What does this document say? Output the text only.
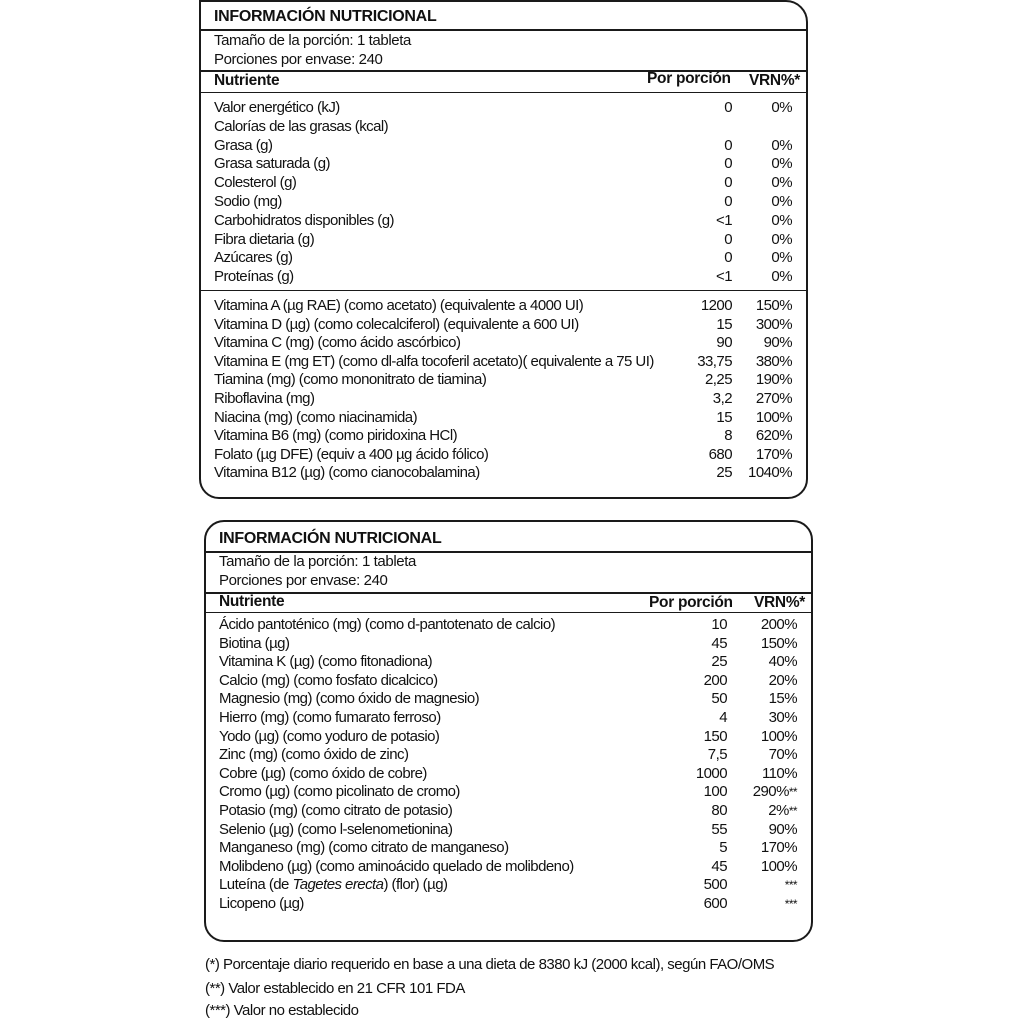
INFORMACIÓN NUTRICIONAL
Tamaño de la porción: 1 tableta
Porciones por envase: 240
Nutriente	Por porción VRN%*
Valor energético (kJ)	0	0%
Calorías de las grasas (kcal)
Grasa (g)	0	0%
Grasa saturada (g)	0	0%
Colesterol (g)	0	0%
Sodio (mg)	0	0%
Carbohidratos disponibles (g)	<1	0%
Fibra dietaria (g)	0	0%
Azúcares (g)	0	0%
Proteínas (g)	<1	0%
Vitamina A (µg RAE) (como acetato) (equivalente a 4000 UI)	1200	150%
Vitamina D (µg) (como colecalciferol) (equivalente a 600 UI)	15	300%
Vitamina C (mg) (como ácido ascórbico)	90	90%
Vitamina E (mg ET) (como dl-alfa tocoferil acetato)( equivalente a 75 UI)	33,75	380%
Tiamina (mg) (como mononitrato de tiamina)	2,25	190%
Riboflavina (mg)	3,2	270%
Niacina (mg) (como niacinamida)	15	100%
Vitamina B6 (mg) (como piridoxina HCl)	8	620%
Folato (µg DFE) (equiv a 400 µg ácido fólico)	680	170%
Vitamina B12 (µg) (como cianocobalamina)	25	1040%
INFORMACIÓN NUTRICIONAL
Tamaño de la porción: 1 tableta
Porciones por envase: 240
Nutriente	Por porción VRN%*
Ácido pantoténico (mg) (como d-pantotenato de calcio)	10	200%
Biotina (µg)	45	150%
Vitamina K (µg) (como fitonadiona)	25	40%
Calcio (mg) (como fosfato dicalcico)	200	20%
Magnesio (mg) (como óxido de magnesio)	50	15%
Hierro (mg) (como fumarato ferroso)	4	30%
Yodo (µg) (como yoduro de potasio)	150	100%
Zinc (mg) (como óxido de zinc)	7,5	70%
Cobre (µg) (como óxido de cobre)	1000	110%
Cromo (µg) (como picolinato de cromo)	100	290%**
Potasio (mg) (como citrato de potasio)	80	2%**
Selenio (µg) (como l-selenometionina)	55	90%
Manganeso (mg) (como citrato de manganeso)	5	170%
Molibdeno (µg) (como aminoácido quelado de molibdeno)	45	100%
Luteína (de Tagetes erecta) (flor) (µg)	500	***
Licopeno (µg)	600	***
(*) Porcentaje diario requerido en base a una dieta de 8380 kJ (2000 kcal), según FAO/OMS
(**) Valor establecido en 21 CFR 101 FDA
(***) Valor no establecido
